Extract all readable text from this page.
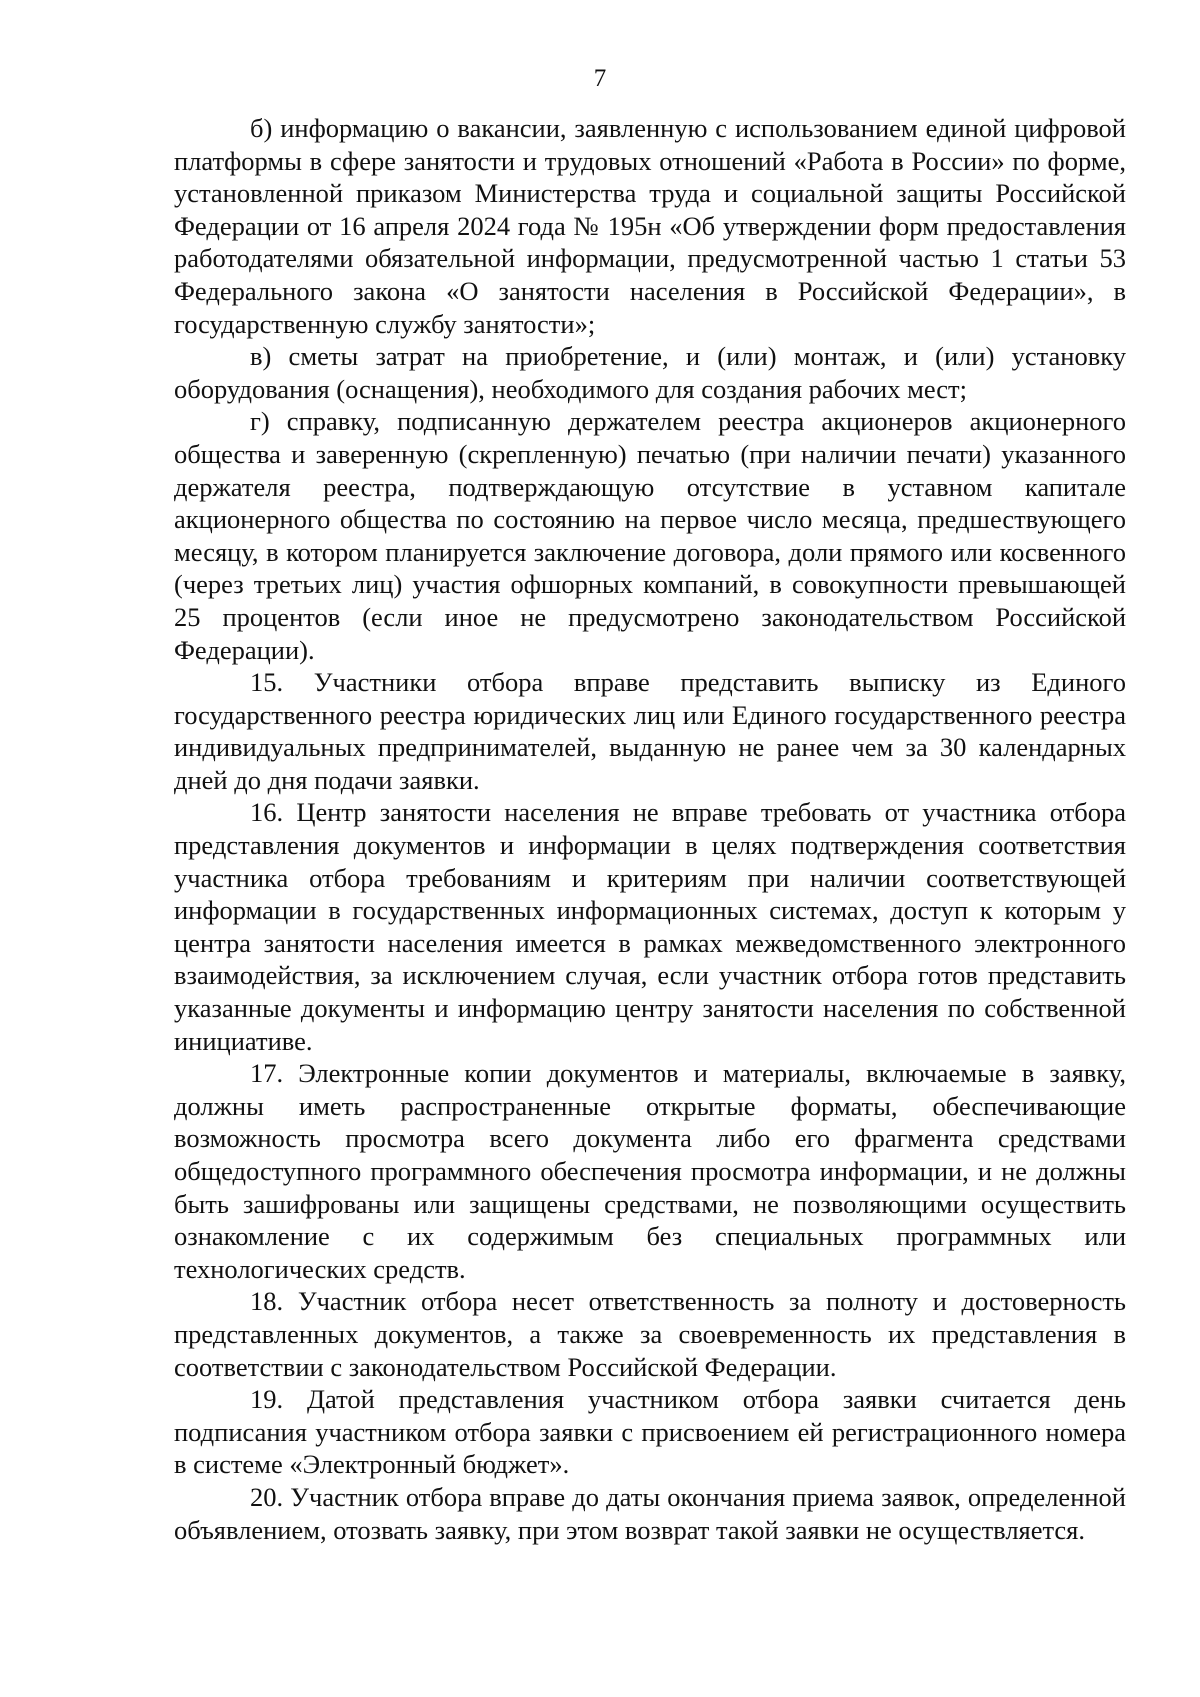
7

б) информацию о вакансии, заявленную с использованием единой цифровой платформы в сфере занятости и трудовых отношений «Работа в России» по форме, установленной приказом Министерства труда и социальной защиты Российской Федерации от 16 апреля 2024 года № 195н «Об утверждении форм предоставления работодателями обязательной информации, предусмотренной частью 1 статьи 53 Федерального закона «О занятости населения в Российской Федерации», в государственную службу занятости»;

в) сметы затрат на приобретение, и (или) монтаж, и (или) установку оборудования (оснащения), необходимого для создания рабочих мест;

г) справку, подписанную держателем реестра акционеров акционерного общества и заверенную (скрепленную) печатью (при наличии печати) указанного держателя реестра, подтверждающую отсутствие в уставном капитале акционерного общества по состоянию на первое число месяца, предшествующего месяцу, в котором планируется заключение договора, доли прямого или косвенного (через третьих лиц) участия офшорных компаний, в совокупности превышающей 25 процентов (если иное не предусмотрено законодательством Российской Федерации).

15. Участники отбора вправе представить выписку из Единого государственного реестра юридических лиц или Единого государственного реестра индивидуальных предпринимателей, выданную не ранее чем за 30 календарных дней до дня подачи заявки.

16. Центр занятости населения не вправе требовать от участника отбора представления документов и информации в целях подтверждения соответствия участника отбора требованиям и критериям при наличии соответствующей информации в государственных информационных системах, доступ к которым у центра занятости населения имеется в рамках межведомственного электронного взаимодействия, за исключением случая, если участник отбора готов представить указанные документы и информацию центру занятости населения по собственной инициативе.

17. Электронные копии документов и материалы, включаемые в заявку, должны иметь распространенные открытые форматы, обеспечивающие возможность просмотра всего документа либо его фрагмента средствами общедоступного программного обеспечения просмотра информации, и не должны быть зашифрованы или защищены средствами, не позволяющими осуществить ознакомление с их содержимым без специальных программных или технологических средств.

18. Участник отбора несет ответственность за полноту и достоверность представленных документов, а также за своевременность их представления в соответствии с законодательством Российской Федерации.

19. Датой представления участником отбора заявки считается день подписания участником отбора заявки с присвоением ей регистрационного номера в системе «Электронный бюджет».

20. Участник отбора вправе до даты окончания приема заявок, определенной объявлением, отозвать заявку, при этом возврат такой заявки не осуществляется.
